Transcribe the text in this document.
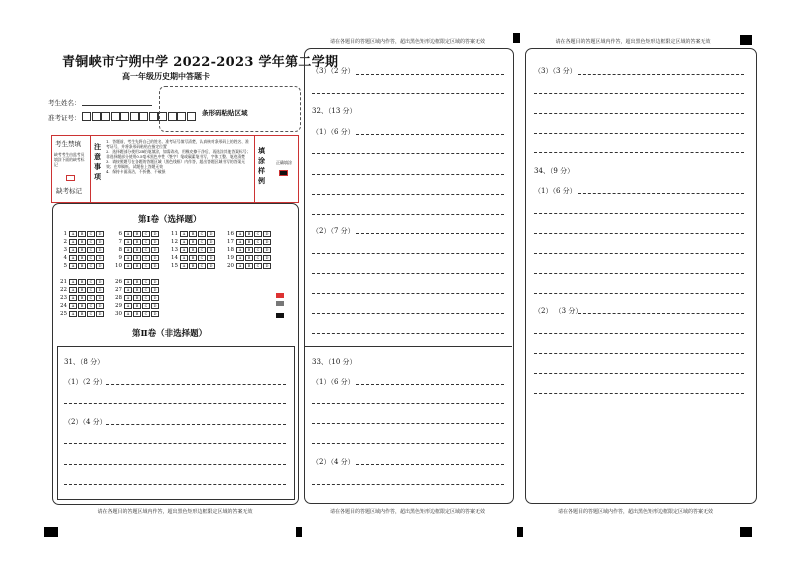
请在各题目的答题区域内作答，超出黑色矩形边框限定区域的答案无效	请在各题目的答题区域内作答，超出黑色矩形边框限定区域的答案无效
请在各题目的答题区域内作答，超出黑色矩形边框限定区域的答案无效	请在各题目的答题区域内作答，超出黑色矩形边框限定区域的答案无效	请在各题目的答题区域内作答，超出黑色矩形边框限定区域的答案无效
青铜峡市宁朔中学 2022-2023 学年第二学期
高一年级历史期中答题卡
考生姓名：
准考证号：
条形码粘贴区域
考生禁填
缺考考生由监考员填涂下面的缺考标记
缺考标记
注意事项
1．答题前，考生先将自己的姓名、准考证号填写清楚，认真核对条形码上的姓名、准考证号，并将条形码粘贴在指定位置
2．选择题部分使用2B铅笔填涂，如需改动，用橡皮擦干净后，再选涂其他答案标号；非选择题部分使用0.5毫米黑色中性（签字）笔或碳素笔书写，字体工整、笔迹清楚
3．请按照题号在各题的答题区域（黑色线框）内作答，超出答题区域书写的答案无效；在草稿纸、试题卷上答题无效
4．保持卡面清洁，不折叠、不破损
填涂样例
正确填涂
第Ⅰ卷（选择题）
1	A	B	C	D
2	A	B	C	D
3	A	B	C	D
4	A	B	C	D
5	A	B	C	D
6	A	B	C	D
7	A	B	C	D
8	A	B	C	D
9	A	B	C	D
10	A	B	C	D
11	A	B	C	D
12	A	B	C	D
13	A	B	C	D
14	A	B	C	D
15	A	B	C	D
16	A	B	C	D
17	A	B	C	D
18	A	B	C	D
19	A	B	C	D
20	A	B	C	D
21	A	B	C	D
22	A	B	C	D
23	A	B	C	D
24	A	B	C	D
25	A	B	C	D
26	A	B	C	D
27	A	B	C	D
28	A	B	C	D
29	A	B	C	D
30	A	B	C	D
第Ⅱ卷（非选择题）
31、（8 分）
（1）（2 分）
（2）（4 分）
（3）（2 分）
32、（13 分）
（1）（6 分）
（2）（7 分）
33、（10 分）
（1）（6 分）
（2）（4 分）
（3）（3 分）
34、（9 分）
（1）（6 分）
（2） （3 分）
